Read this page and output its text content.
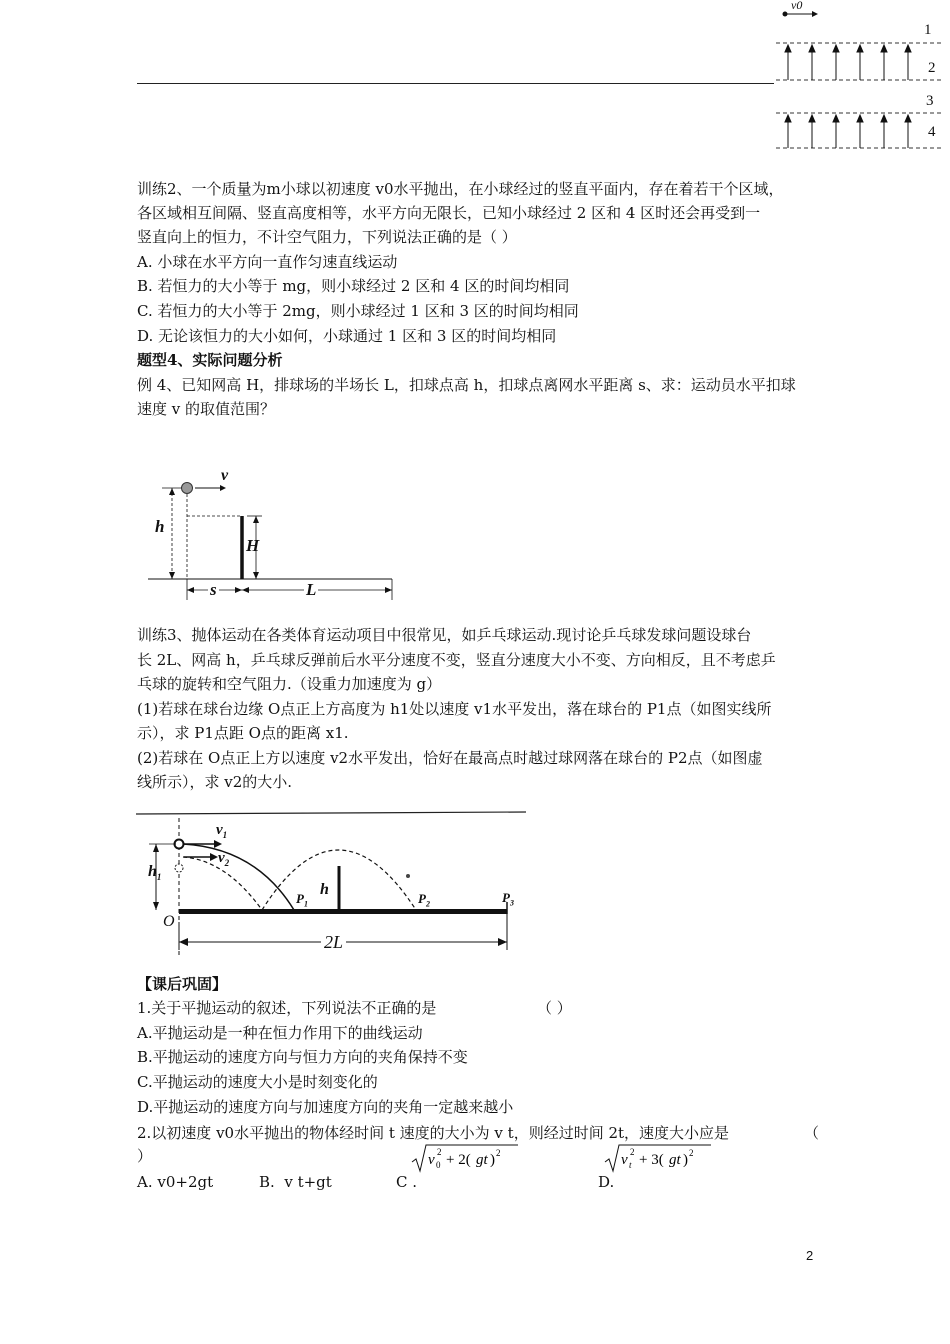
v0
1
2
3
4
训练2、一个质量为m小球以初速度 v0水平抛出，在小球经过的竖直平面内，存在着若干个区域，
各区域相互间隔、竖直高度相等，水平方向无限长，已知小球经过 2 区和 4 区时还会再受到一
竖直向上的恒力，不计空气阻力，下列说法正确的是（ ）
A. 小球在水平方向一直作匀速直线运动
B. 若恒力的大小等于 mg，则小球经过 2 区和 4 区的时间均相同
C. 若恒力的大小等于 2mg，则小球经过 1 区和 3 区的时间均相同
D. 无论该恒力的大小如何，小球通过 1 区和 3 区的时间均相同
题型4、实际问题分析
例 4、已知网高 H，排球场的半场长 L，扣球点高 h，扣球点离网水平距离 s、求：运动员水平扣球
速度 v 的取值范围？
v
h
H
s	L
训练3、抛体运动在各类体育运动项目中很常见，如乒乓球运动.现讨论乒乓球发球问题设球台
长 2L、网高 h，乒乓球反弹前后水平分速度不变，竖直分速度大小不变、方向相反，且不考虑乒
乓球的旋转和空气阻力.（设重力加速度为 g）
(1)若球在球台边缘 O点正上方高度为 h1处以速度 v1水平发出，落在球台的 P1点（如图实线所
示），求 P1点距 O点的距离 x1.
(2)若球在 O点正上方以速度 v2水平发出，恰好在最高点时越过球网落在球台的 P2点（如图虚
线所示），求 v2的大小.
$v_1$
$v_2$
$h_1$
h
$P_1$	$P_2$	$P_3$
O
2L
【课后巩固】
1.关于平抛运动的叙述，下列说法不正确的是	（ ）
A.平抛运动是一种在恒力作用下的曲线运动
B.平抛运动的速度方向与恒力方向的夹角保持不变
C.平抛运动的速度大小是时刻变化的
D.平抛运动的速度方向与加速度方向的夹角一定越来越小
2.以初速度 v0水平抛出的物体经时间 t 速度的大小为 v t，则经过时间 2t，速度大小应是	（
）	v 0
2 + 2( gt ) 2	v t
2 + 3( gt ) 2
A. v0+2gt	B.  v t+gt	C .	D.
2
